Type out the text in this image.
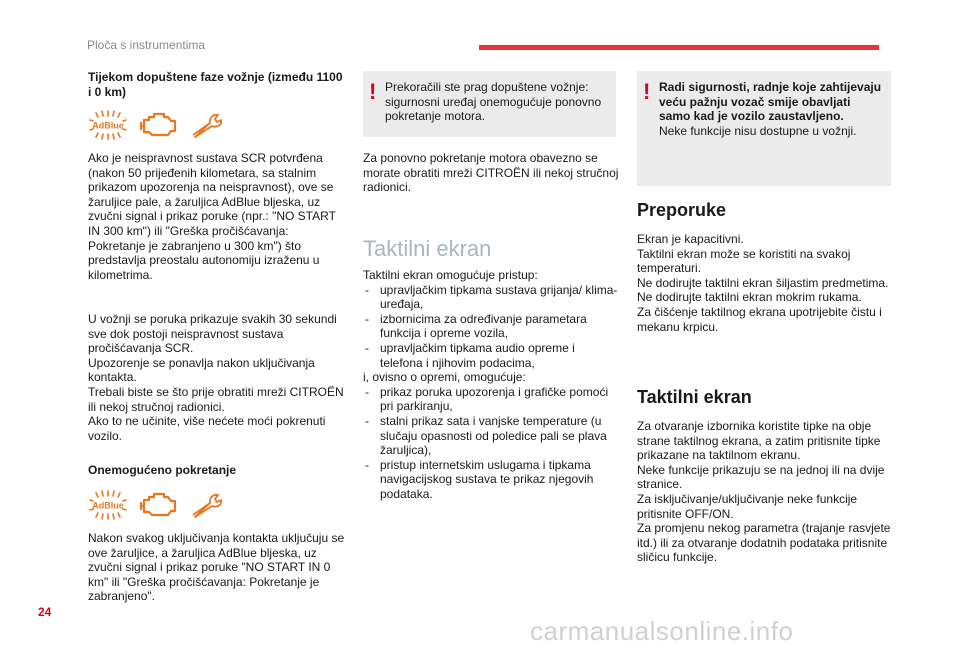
Ploča s instrumentima

Tijekom dopuštene faze vožnje (između 1100 i 0 km)

AdBlue

Ako je neispravnost sustava SCR potvrđena (nakon 50 prijeđenih kilometara, sa stalnim prikazom upozorenja na neispravnost), ove se žaruljice pale, a žaruljica AdBlue bljeska, uz zvučni signal i prikaz poruke (npr.: "NO START IN 300 km") ili "Greška pročišćavanja: Pokretanje je zabranjeno u 300 km") što predstavlja preostalu autonomiju izraženu u kilometrima.

U vožnji se poruka prikazuje svakih 30 sekundi sve dok postoji neispravnost sustava pročišćavanja SCR.
Upozorenje se ponavlja nakon uključivanja kontakta.
Trebali biste se što prije obratiti mreži CITROËN ili nekoj stručnoj radionici.
Ako to ne učinite, više nećete moći pokrenuti vozilo.

Onemogućeno pokretanje

AdBlue

Nakon svakog uključivanja kontakta uključuju se ove žaruljice, a žaruljica AdBlue bljeska, uz zvučni signal i prikaz poruke "NO START IN 0 km" ili "Greška pročišćavanja: Pokretanje je zabranjeno".

! Prekoračili ste prag dopuštene vožnje: sigurnosni uređaj onemogućuje ponovno pokretanje motora.

Za ponovno pokretanje motora obavezno se morate obratiti mreži CITROËN ili nekoj stručnoj radionici.

Taktilni ekran

Taktilni ekran omogućuje pristup:

- upravljačkim tipkama sustava grijanja/ klima-uređaja,
- izbornicima za određivanje parametara funkcija i opreme vozila,
- upravljačkim tipkama audio opreme i telefona i njihovim podacima,

i, ovisno o opremi, omogućuje:

- prikaz poruka upozorenja i grafičke pomoći pri parkiranju,
- stalni prikaz sata i vanjske temperature (u slučaju opasnosti od poledice pali se plava žaruljica),
- pristup internetskim uslugama i tipkama navigacijskog sustava te prikaz njegovih podataka.
! Radi sigurnosti, radnje koje zahtijevaju veću pažnju vozač smije obavljati samo kad je vozilo zaustavljeno.
Neke funkcije nisu dostupne u vožnji.
Preporuke

Ekran je kapacitivni.
Taktilni ekran može se koristiti na svakoj temperaturi.
Ne dodirujte taktilni ekran šiljastim predmetima.
Ne dodirujte taktilni ekran mokrim rukama.
Za čišćenje taktilnog ekrana upotrijebite čistu i mekanu krpicu.

Taktilni ekran

Za otvaranje izbornika koristite tipke na obje strane taktilnog ekrana, a zatim pritisnite tipke prikazane na taktilnom ekranu.
Neke funkcije prikazuju se na jednoj ili na dvije stranice.
Za isključivanje/uključivanje neke funkcije pritisnite OFF/ON.
Za promjenu nekog parametra (trajanje rasvjete itd.) ili za otvaranje dodatnih podataka pritisnite sličicu funkcije.

24
carmanualsonline.info
